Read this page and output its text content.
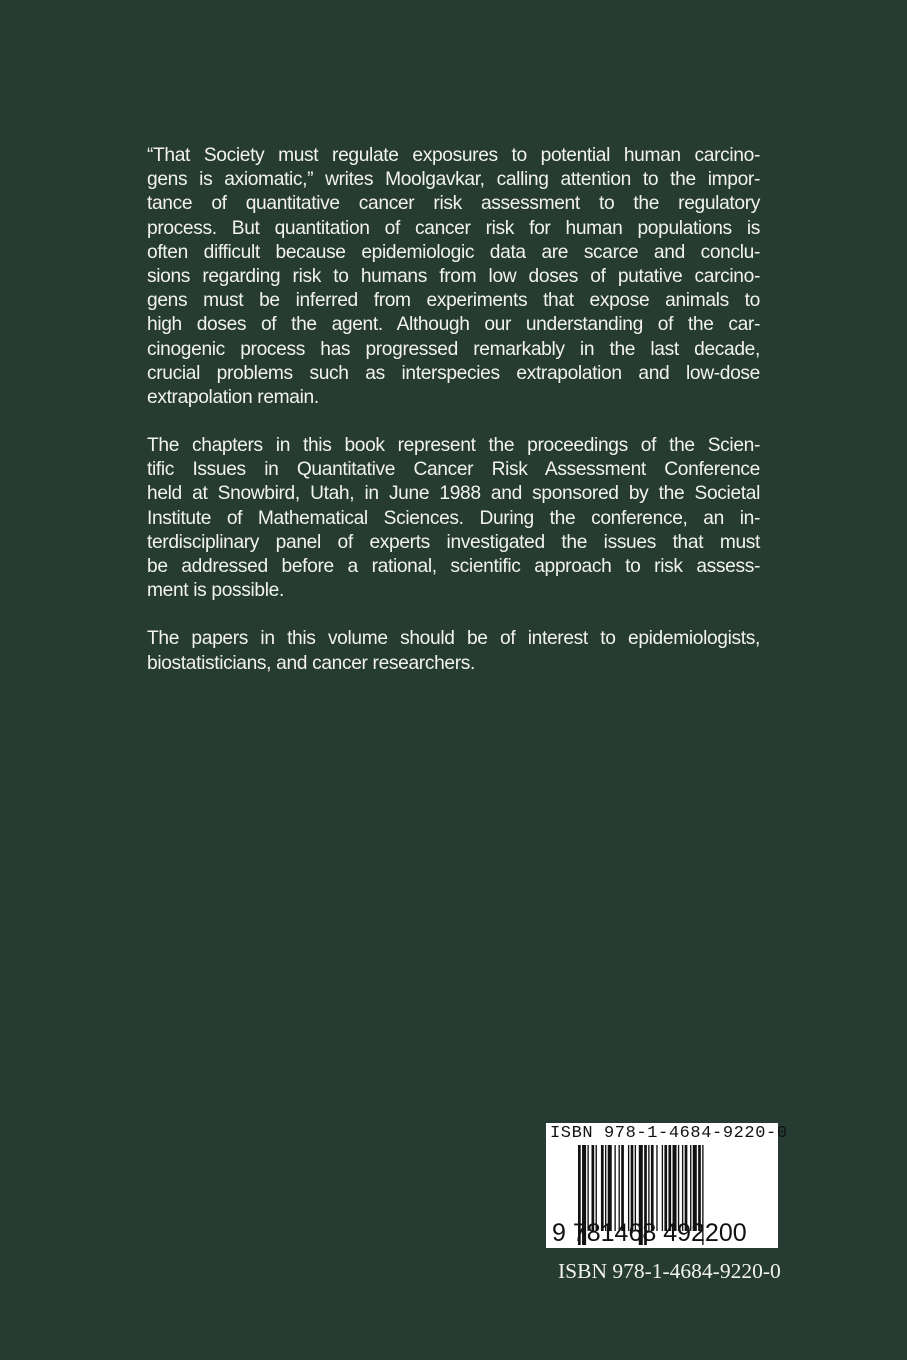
“That Society must regulate exposures to potential human carcino-
gens is axiomatic,” writes Moolgavkar, calling attention to the impor-
tance of quantitative cancer risk assessment to the regulatory
process. But quantitation of cancer risk for human populations is
often difficult because epidemiologic data are scarce and conclu-
sions regarding risk to humans from low doses of putative carcino-
gens must be inferred from experiments that expose animals to
high doses of the agent. Although our understanding of the car-
cinogenic process has progressed remarkably in the last decade,
crucial problems such as interspecies extrapolation and low-dose
extrapolation remain.
The chapters in this book represent the proceedings of the Scien-
tific Issues in Quantitative Cancer Risk Assessment Conference
held at Snowbird, Utah, in June 1988 and sponsored by the Societal
Institute of Mathematical Sciences. During the conference, an in-
terdisciplinary panel of experts investigated the issues that must
be addressed before a rational, scientific approach to risk assess-
ment is possible.
The papers in this volume should be of interest to epidemiologists,
biostatisticians, and cancer researchers.
ISBN 978-1-4684-9220-0
9 781468 492200
ISBN 978-1-4684-9220-0
